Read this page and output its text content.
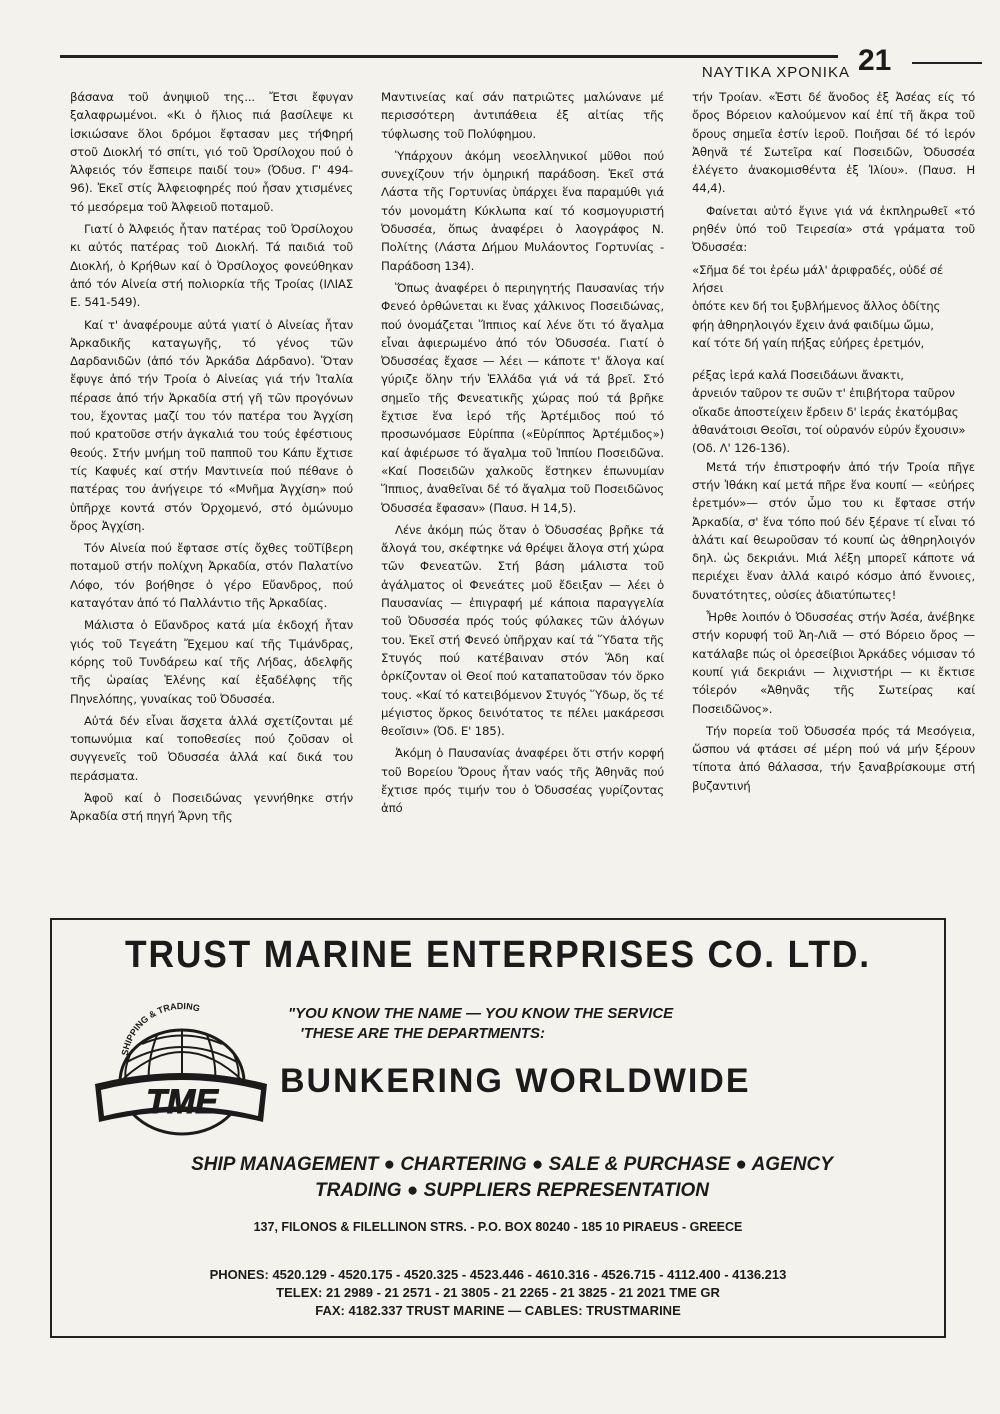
ΝΑΥΤΙΚΑ ΧΡΟΝΙΚΑ 21

βάσανα τοῦ ἀνηψιοῦ της... Ἔτσι ἔφυγαν ξαλαφρωμένοι. «Κι ὁ ἥλιος πιά βασίλεψε κι ἰσκιώσανε ὅλοι δρόμοι ἔφτασαν μες τήΦηρή στοῦ Διοκλή τό σπίτι, γιό τοῦ Ὀρσίλοχου πού ὁ Ἀλφειός τόν ἔσπειρε παιδί του» (Ὀδυσ. Γ' 494-96). Ἐκεῖ στίς Ἀλφειοφηρές πού ἦσαν χτισμένες τό μεσόρεμα τοῦ Ἀλφειοῦ ποταμοῦ.

Γιατί ὁ Ἀλφειός ἦταν πατέρας τοῦ Ὀρσίλοχου κι αὐτός πατέρας τοῦ Διοκλή. Τά παιδιά τοῦ Διοκλή, ὁ Κρήθων καί ὁ Ὀρσίλοχος φονεύθηκαν ἀπό τόν Αἰνεία στή πολιορκία τῆς Τροίας (ΙΛΙΑΣ Ε. 541-549).

Καί τ' ἀναφέρουμε αὐτά γιατί ὁ Αἰνείας ἦταν Ἀρκαδικῆς καταγωγῆς, τό γένος τῶν Δαρδανιδῶν (ἀπό τόν Ἀρκάδα Δάρδανο). Ὅταν ἔφυγε ἀπό τήν Τροία ὁ Αἰνείας γιά τήν Ἰταλία πέρασε ἀπό τήν Ἀρκαδία στή γῆ τῶν προγόνων του, ἔχοντας μαζί του τόν πατέρα του Ἀγχίση πού κρατοῦσε στήν ἀγκαλιά του τούς ἐφέστιους θεούς. Στήν μνήμη τοῦ παπποῦ του Κάπυ ἔχτισε τίς Καφυές καί στήν Μαντινεία πού πέθανε ὁ πατέρας του ἀνήγειρε τό «Μνῆμα Ἀγχίση» πού ὑπῆρχε κοντά στόν Ὀρχομενό, στό ὁμώνυμο ὄρος Ἀγχίση.

Τόν Αἰνεία πού ἔφτασε στίς ὄχθες τοῦΤίβερη ποταμοῦ στήν πολίχνη Ἀρκαδία, στόν Παλατίνο Λόφο, τόν βοήθησε ὁ γέρο Εὔανδρος, πού καταγόταν ἀπό τό Παλλάντιο τῆς Ἀρκαδίας.

Μάλιστα ὁ Εὔανδρος κατά μία ἐκδοχή ἦταν γιός τοῦ Τεγεάτη Ἔχεμου καί τῆς Τιμάνδρας, κόρης τοῦ Τυνδάρεω καί τῆς Λήδας, ἀδελφῆς τῆς ὡραίας Ἑλένης καί ἐξαδέλφης τῆς Πηνελόπης, γυναίκας τοῦ Ὀδυσσέα.

Αὐτά δέν εἶναι ἄσχετα ἀλλά σχετίζονται μέ τοπωνύμια καί τοποθεσίες πού ζοῦσαν οἱ συγγενεῖς τοῦ Ὀδυσσέα ἀλλά καί δικά του περάσματα.

Ἀφοῦ καί ὁ Ποσειδώνας γεννήθηκε στήν Ἀρκαδία στή πηγή Ἄρνη τῆς

Μαντινείας καί σάν πατριῶτες μαλώνανε μέ περισσότερη ἀντιπάθεια ἐξ αἰτίας τῆς τύφλωσης τοῦ Πολύφημου.

Ὑπάρχουν ἀκόμη νεοελληνικοί μῦθοι πού συνεχίζουν τήν ὁμηρική παράδοση. Ἐκεῖ στά Λάστα τῆς Γορτυνίας ὑπάρχει ἕνα παραμύθι γιά τόν μονομάτη Κύκλωπα καί τό κοσμογυριστή Ὀδυσσέα, ὅπως ἀναφέρει ὁ λαογράφος Ν. Πολίτης (Λάστα Δήμου Μυλάοντος Γορτυνίας - Παράδοση 134).

Ὅπως ἀναφέρει ὁ περιηγητής Παυσανίας τήν Φενεό ὀρθώνεται κι ἕνας χάλκινος Ποσειδώνας, πού ὀνομάζεται Ἵππιος καί λένε ὅτι τό ἄγαλμα εἶναι ἀφιερωμένο ἀπό τόν Ὀδυσσέα. Γιατί ὁ Ὀδυσσέας ἔχασε — λέει — κάποτε τ' ἄλογα καί γύριζε ὅλην τήν Ἑλλάδα γιά νά τά βρεῖ. Στό σημεῖο τῆς Φενεατικῆς χώρας πού τά βρῆκε ἔχτισε ἕνα ἱερό τῆς Ἀρτέμιδος πού τό προσωνόμασε Εὑρίππα («Εὑρίππος Ἀρτέμιδος») καί ἀφιέρωσε τό ἄγαλμα τοῦ Ἱππίου Ποσειδῶνα. «Καί Ποσειδῶν χαλκοῦς ἕστηκεν ἐπωνυμίαν Ἵππιος, ἀναθεῖναι δέ τό ἄγαλμα τοῦ Ποσειδῶνος Ὀδυσσέα ἔφασαν» (Παυσ. Η 14,5).

Λένε ἀκόμη πώς ὅταν ὁ Ὀδυσσέας βρῆκε τά ἄλογά του, σκέφτηκε νά θρέψει ἄλογα στή χώρα τῶν Φενεατῶν. Στή βάση μάλιστα τοῦ ἀγάλματος οἱ Φενεάτες μοῦ ἔδειξαν — λέει ὁ Παυσανίας — ἐπιγραφή μέ κάποια παραγγελία τοῦ Ὀδυσσέα πρός τούς φύλακες τῶν ἀλόγων του. Ἐκεῖ στή Φενεό ὑπῆρχαν καί τά Ὕδατα τῆς Στυγός πού κατέβαιναν στόν Ἅδη καί ὁρκίζονταν οἱ Θεοί πού καταπατοῦσαν τόν ὅρκο τους. «Καί τό κατειβόμενον Στυγός Ὕδωρ, ὅς τέ μέγιστος ὅρκος δεινότατος τε πέλει μακάρεσσι θεοῖσιν» (Ὀδ. Ε' 185).

Ἀκόμη ὁ Παυσανίας ἀναφέρει ὅτι στήν κορφή τοῦ Βορείου Ὄρους ἦταν ναός τῆς Ἀθηνᾶς πού ἔχτισε πρός τιμήν του ὁ Ὀδυσσέας γυρίζοντας ἀπό

τήν Τροίαν. «Ἐστι δέ ἄνοδος ἐξ Ἀσέας είς τό ὄρος Βόρειον καλούμενον καί ἐπί τῆ ἄκρα τοῦ ὄρους σημεῖα ἐστίν ἱεροῦ. Ποιῆσαι δέ τό ἱερόν Ἀθηνᾶ τέ Σωτεῖρα καί Ποσειδῶν, Ὀδυσσέα ἐλέγετο ἀνακομισθέντα ἐξ Ἰλίου». (Παυσ. Η 44,4).

Φαίνεται αὐτό ἔγινε γιά νά ἐκπληρωθεῖ «τό ρηθέν ὑπό τοῦ Τειρεσία» στά γράματα τοῦ Ὀδυσσέα:

«Σῆμα δέ τοι ἐρέω μάλ' ἀριφραδές, οὐδέ σέ λήσει

ὁπότε κεν δή τοι ξυβλήμενος ἄλλος ὁδίτης

φήη ἀθηρηλοιγόν ἔχειν ἀνά φαιδίμω ὤμω,

καί τότε δή γαίη πήξας εὐήρες ἐρετμόν,

ρέξας ἱερά καλά Ποσειδάωνι ἄνακτι,

ἀρνειόν ταῦρον τε συῶν τ' ἐπιβήτορα ταῦρον

οἴκαδε ἀποστείχειν ἔρδειν δ' ἱεράς ἑκατόμβας

ἀθανάτοισι Θεοῖσι, τοί οὐρανόν εὐρύν ἔχουσιν» (Οδ. Λ' 126-136).

Μετά τήν ἐπιστροφήν ἀπό τήν Τροία πῆγε στήν Ἰθάκη καί μετά πῆρε ἕνα κουπί — «εὐήρες ἐρετμόν»— στόν ὦμο του κι ἔφτασε στήν Ἀρκαδία, σ' ἕνα τόπο πού δέν ξέρανε τί εἶναι τό ἁλάτι καί θεωροῦσαν τό κουπί ὡς ἀθηρηλοιγόν δηλ. ὡς δεκριάνι. Μιά λέξη μπορεῖ κάποτε νά περιέχει ἕναν ἀλλά καιρό κόσμο ἀπό ἔννοιες, δυνατότητες, οὐσίες ἀδιατύπωτες!

Ἦρθε λοιπόν ὁ Ὀδυσσέας στήν Ἀσέα, ἀνέβηκε στήν κορυφή τοῦ Ἀη-Λιᾶ — στό Βόρειο ὄρος — κατάλαβε πώς οἱ ὀρεσείβιοι Ἀρκάδες νόμισαν τό κουπί γιά δεκριάνι — λιχνιστήρι — κι ἔκτισε τόἱερόν «Ἀθηνᾶς τῆς Σωτείρας καί Ποσειδῶνος».

Τήν πορεία τοῦ Ὀδυσσέα πρός τά Μεσόγεια, ὥσπου νά φτάσει σέ μέρη πού νά μήν ξέρουν τίποτα ἀπό θάλασσα, τήν ξαναβρίσκουμε στή βυζαντινή

TRUST MARINE ENTERPRISES CO. LTD.
SHIPPING & TRADING
TME
"YOU KNOW THE NAME — YOU KNOW THE SERVICE
'THESE ARE THE DEPARTMENTS:
BUNKERING WORLDWIDE
SHIP MANAGEMENT ● CHARTERING ● SALE & PURCHASE ● AGENCY
TRADING ● SUPPLIERS REPRESENTATION
137, FILONOS & FILELLINON STRS. - P.O. BOX 80240 - 185 10 PIRAEUS - GREECE
PHONES: 4520.129 - 4520.175 - 4520.325 - 4523.446 - 4610.316 - 4526.715 - 4112.400 - 4136.213
TELEX: 21 2989 - 21 2571 - 21 3805 - 21 2265 - 21 3825 - 21 2021 TME GR
FAX: 4182.337 TRUST MARINE — CABLES: TRUSTMARINE
